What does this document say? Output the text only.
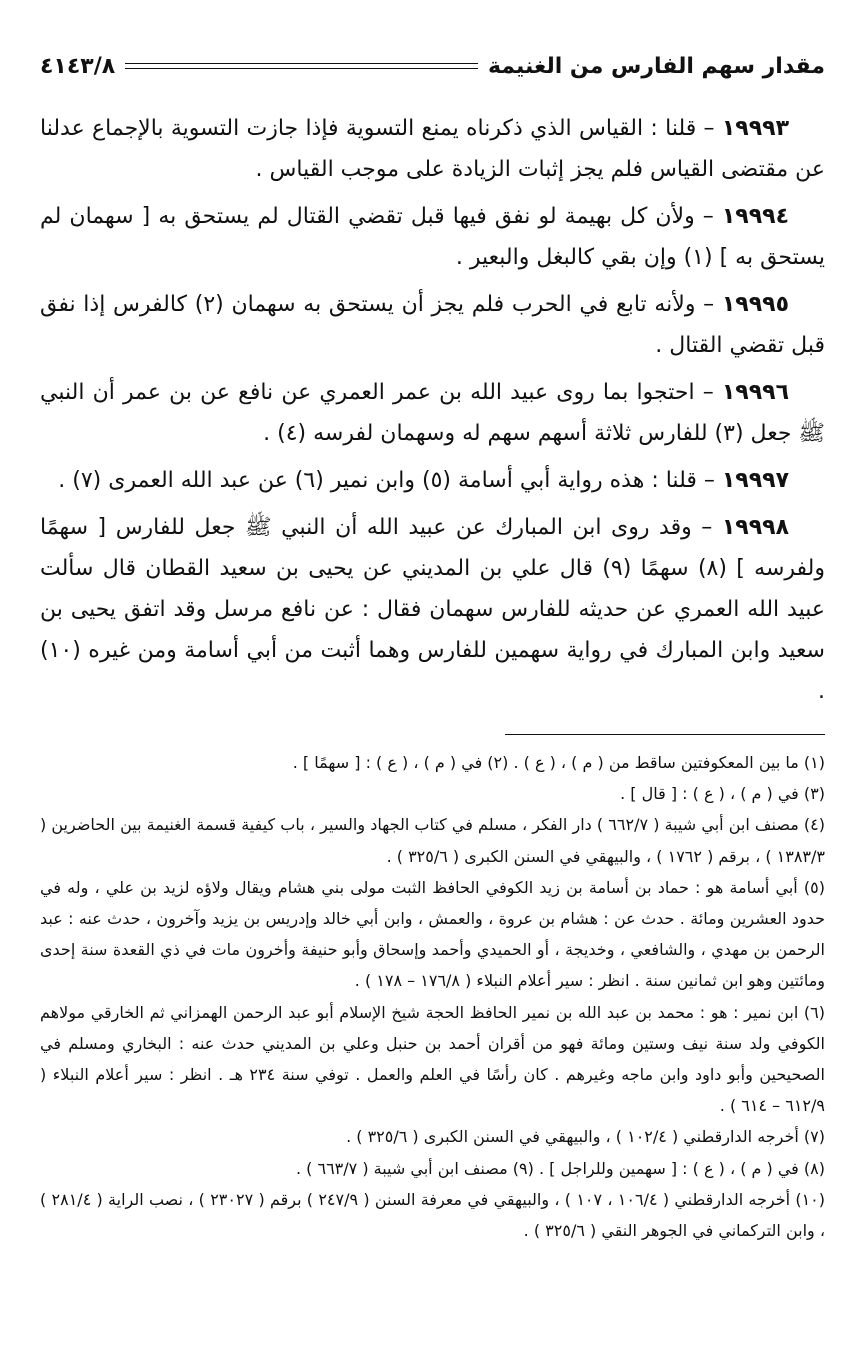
مقدار سهم الفارس من الغنيمة
٤١٤٣/٨

١٩٩٩٣ – قلنا : القياس الذي ذكرناه يمنع التسوية فإذا جازت التسوية بالإجماع عدلنا عن مقتضى القياس فلم يجز إثبات الزيادة على موجب القياس .

١٩٩٩٤ – ولأن كل بهيمة لو نفق فيها قبل تقضي القتال لم يستحق به [ سهمان لم يستحق به ] (١) وإن بقي كالبغل والبعير .

١٩٩٩٥ – ولأنه تابع في الحرب فلم يجز أن يستحق به سهمان (٢) كالفرس إذا نفق قبل تقضي القتال .

١٩٩٩٦ – احتجوا بما روى عبيد الله بن عمر العمري عن نافع عن بن عمر أن النبي ﷺ جعل (٣) للفارس ثلاثة أسهم سهم له وسهمان لفرسه (٤) .

١٩٩٩٧ – قلنا : هذه رواية أبي أسامة (٥) وابن نمير (٦) عن عبد الله العمرى (٧) .

١٩٩٩٨ – وقد روى ابن المبارك عن عبيد الله أن النبي ﷺ جعل للفارس [ سهمًا ولفرسه ] (٨) سهمًا (٩) قال علي بن المديني عن يحيى بن سعيد القطان قال سألت عبيد الله العمري عن حديثه للفارس سهمان فقال : عن نافع مرسل وقد اتفق يحيى بن سعيد وابن المبارك في رواية سهمين للفارس وهما أثبت من أبي أسامة ومن غيره (١٠) .

(١) ما بين المعكوفتين ساقط من ( م ) ، ( ع ) . (٢) في ( م ) ، ( ع ) : [ سهمًا ] .

(٣) في ( م ) ، ( ع ) : [ قال ] .

(٤) مصنف ابن أبي شيبة ( ٦٦٢/٧ ) دار الفكر ، مسلم في كتاب الجهاد والسير ، باب كيفية قسمة الغنيمة بين الحاضرين ( ١٣٨٣/٣ ) ، برقم ( ١٧٦٢ ) ، والبيهقي في السنن الكبرى ( ٣٢٥/٦ ) .

(٥) أبي أسامة هو : حماد بن أسامة بن زيد الكوفي الحافظ الثبت مولى بني هشام ويقال ولاؤه لزيد بن علي ، وله في حدود العشرين ومائة . حدث عن : هشام بن عروة ، والعمش ، وابن أبي خالد وإدريس بن يزيد وآخرون ، حدث عنه : عبد الرحمن بن مهدي ، والشافعي ، وخديجة ، أو الحميدي وأحمد وإسحاق وأبو حنيفة وأخرون مات في ذي القعدة سنة إحدى ومائتين وهو ابن ثمانين سنة . انظر : سير أعلام النبلاء ( ١٧٦/٨ – ١٧٨ ) .

(٦) ابن نمير : هو : محمد بن عبد الله بن نمير الحافظ الحجة شيخ الإسلام أبو عبد الرحمن الهمزاني ثم الخارقي مولاهم الكوفي ولد سنة نيف وستين ومائة فهو من أقران أحمد بن حنبل وعلي بن المديني حدث عنه : البخاري ومسلم في الصحيحين وأبو داود وابن ماجه وغيرهم . كان رأسًا في العلم والعمل . توفي سنة ٢٣٤ هـ . انظر : سير أعلام النبلاء ( ٦١٢/٩ – ٦١٤ ) .

(٧) أخرجه الدارقطني ( ١٠٢/٤ ) ، والبيهقي في السنن الكبرى ( ٣٢٥/٦ ) .

(٨) في ( م ) ، ( ع ) : [ سهمين وللراجل ] . (٩) مصنف ابن أبي شيبة ( ٦٦٣/٧ ) .

(١٠) أخرجه الدارقطني ( ١٠٦/٤ ، ١٠٧ ) ، والبيهقي في معرفة السنن ( ٢٤٧/٩ ) برقم ( ٢٣٠٢٧ ) ، نصب الراية ( ٢٨١/٤ ) ، وابن التركماني في الجوهر النقي ( ٣٢٥/٦ ) .
